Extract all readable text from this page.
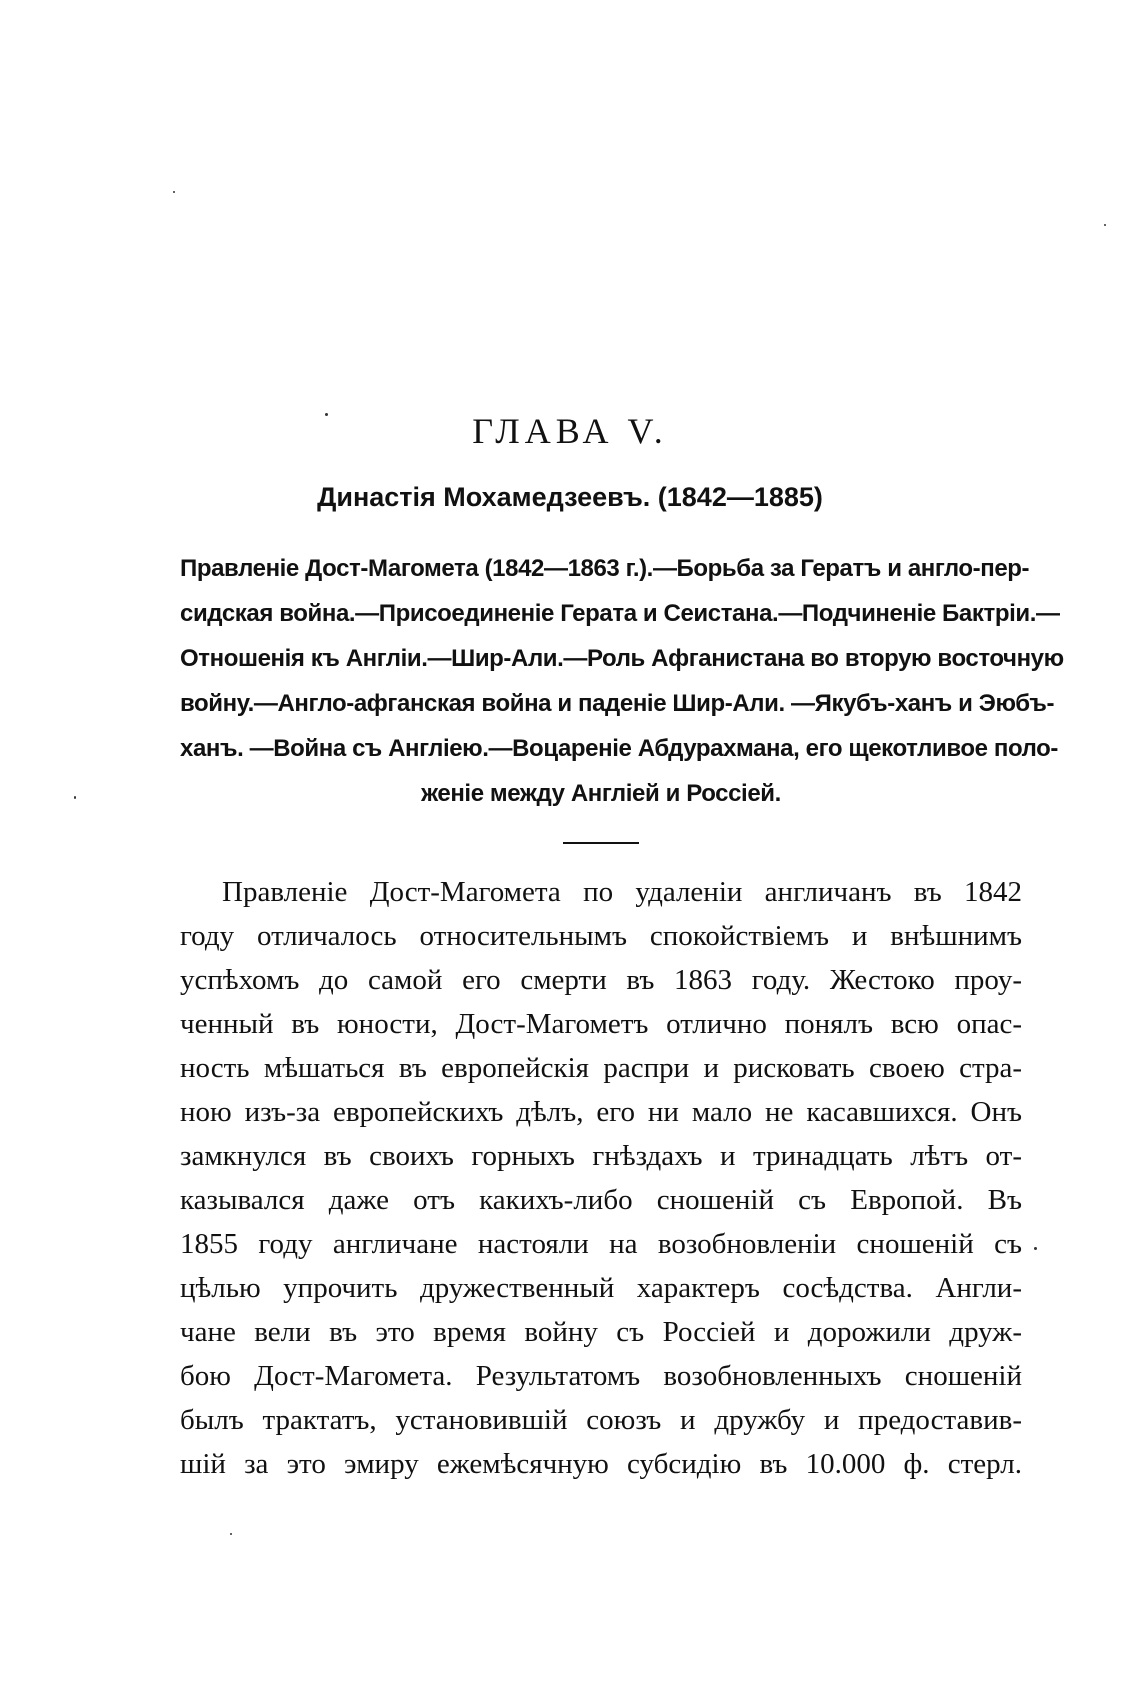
ГЛАВА V.
Династія Мохамедзеевъ. (1842—1885)
Правленіе Дост-Магомета (1842—1863 г.).—Борьба за Гератъ и англо-пер-
сидская война.—Присоединеніе Герата и Сеистана.—Подчиненіе Бактріи.—
Отношенія къ Англіи.—Шир-Али.—Роль Афганистана во вторую восточную
войну.—Англо-афганская война и паденіе Шир-Али. —Якубъ-ханъ и Эюбъ-
ханъ. —Война съ Англіею.—Воцареніе Абдурахмана, его щекотливое поло-
женіе между Англіей и Россіей.
Правленіе Дост-Магомета по удаленіи англичанъ въ 1842
году отличалось относительнымъ спокойствіемъ и внѣшнимъ
успѣхомъ до самой его смерти въ 1863 году. Жестоко проу-
ченный въ юности, Дост-Магометъ отлично понялъ всю опас-
ность мѣшаться въ европейскія распри и рисковать своею стра-
ною изъ-за европейскихъ дѣлъ, его ни мало не касавшихся. Онъ
замкнулся въ своихъ горныхъ гнѣздахъ и тринадцать лѣтъ от-
казывался даже отъ какихъ-либо сношеній съ Европой. Въ
1855 году англичане настояли на возобновленіи сношеній съ
цѣлью упрочить дружественный характеръ сосѣдства. Англи-
чане вели въ это время войну съ Россіей и дорожили друж-
бою Дост-Магомета. Результатомъ возобновленныхъ сношеній
былъ трактатъ, установившій союзъ и дружбу и предоставив-
шій за это эмиру ежемѣсячную субсидію въ 10.000 ф. стерл.
